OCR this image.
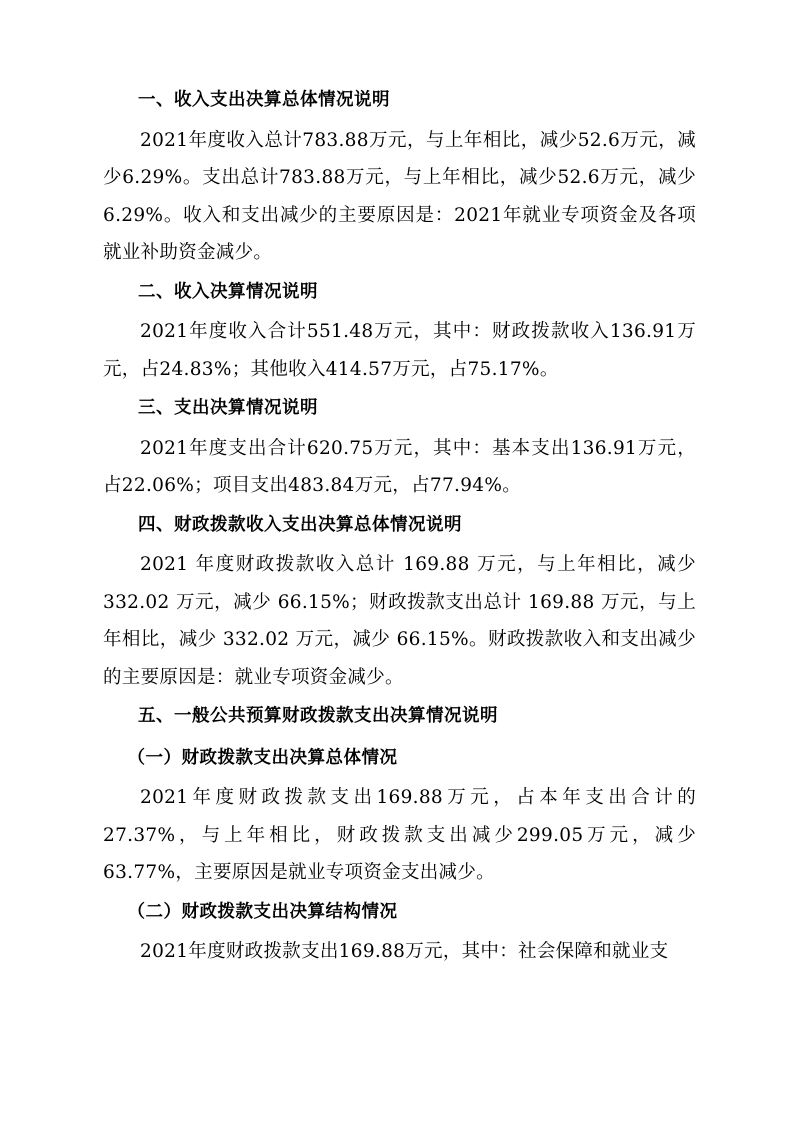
一、收入支出决算总体情况说明

2021年度收入总计783.88万元，与上年相比，减少52.6万元，减少6.29%。支出总计783.88万元，与上年相比，减少52.6万元，减少6.29%。收入和支出减少的主要原因是：2021年就业专项资金及各项就业补助资金减少。

二、收入决算情况说明

2021年度收入合计551.48万元，其中：财政拨款收入136.91万元，占24.83%；其他收入414.57万元，占75.17%。

三、支出决算情况说明

2021年度支出合计620.75万元，其中：基本支出136.91万元，占22.06%；项目支出483.84万元，占77.94%。

四、财政拨款收入支出决算总体情况说明

2021 年度财政拨款收入总计 169.88 万元，与上年相比，减少 332.02 万元，减少 66.15%；财政拨款支出总计 169.88 万元，与上年相比，减少 332.02 万元，减少 66.15%。财政拨款收入和支出减少的主要原因是：就业专项资金减少。

五、一般公共预算财政拨款支出决算情况说明
（一）财政拨款支出决算总体情况

2021年度财政拨款支出169.88万元，占本年支出合计的27.37%，与上年相比，财政拨款支出减少299.05万元，减少63.77%，主要原因是就业专项资金支出减少。

（二）财政拨款支出决算结构情况

2021年度财政拨款支出169.88万元，其中：社会保障和就业支
